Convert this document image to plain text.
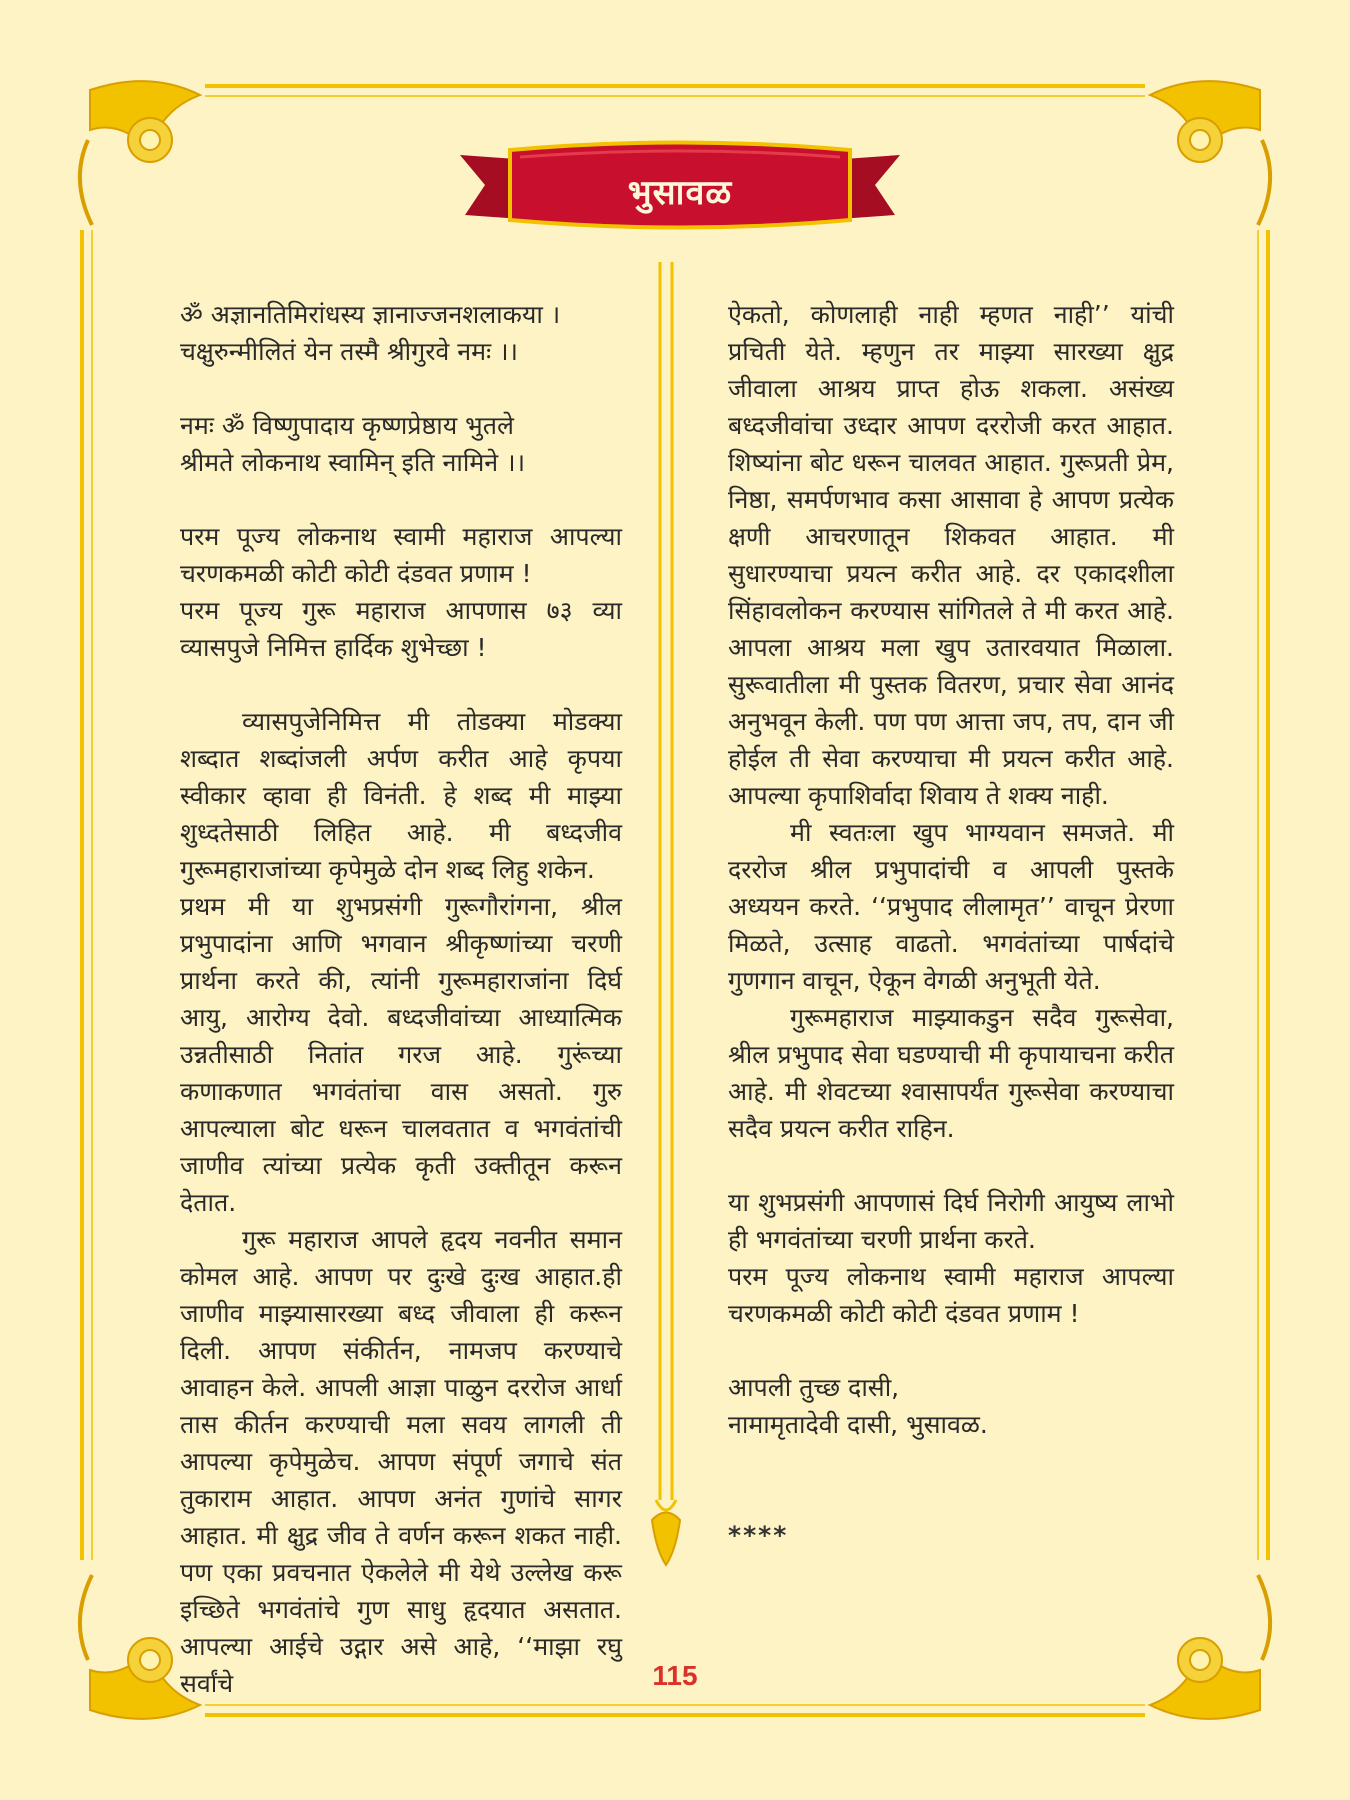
भुसावळ

ॐ अज्ञानतिमिरांधस्य ज्ञानाज्जनशलाकया ।

चक्षुरुन्मीलितं येन तस्मै श्रीगुरवे नमः ।।

नमः ॐ विष्णुपादाय कृष्णप्रेष्ठाय भुतले

श्रीमते लोकनाथ स्वामिन् इति नामिने ।।

परम पूज्य लोकनाथ स्वामी महाराज आपल्या चरणकमळी कोटी कोटी दंडवत प्रणाम !

परम पूज्य गुरू महाराज आपणास ७३ व्या व्यासपुजे निमित्त हार्दिक शुभेच्छा !

व्यासपुजेनिमित्त मी तोडक्या मोडक्या शब्दात शब्दांजली अर्पण करीत आहे कृपया स्वीकार व्हावा ही विनंती. हे शब्द मी माझ्या शुध्दतेसाठी लिहित आहे. मी बध्दजीव गुरूमहाराजांच्या कृपेमुळे दोन शब्द लिहु शकेन.

प्रथम मी या शुभप्रसंगी गुरूगौरांगना, श्रील प्रभुपादांना आणि भगवान श्रीकृष्णांच्या चरणी प्रार्थना करते की, त्यांनी गुरूमहाराजांना दिर्घ आयु, आरोग्य देवो. बध्दजीवांच्या आध्यात्मिक उन्नतीसाठी नितांत गरज आहे. गुरूंच्या कणाकणात भगवंतांचा वास असतो. गुरु आपल्याला बोट धरून चालवतात व भगवंतांची जाणीव त्यांच्या प्रत्येक कृती उक्तीतून करून देतात.

गुरू महाराज आपले हृदय नवनीत समान कोमल आहे. आपण पर दुःखे दुःख आहात.ही जाणीव माझ्यासारख्या बध्द जीवाला ही करून दिली. आपण संकीर्तन, नामजप करण्याचे आवाहन केले. आपली आज्ञा पाळुन दररोज आर्धा तास कीर्तन करण्याची मला सवय लागली ती आपल्या कृपेमुळेच. आपण संपूर्ण जगाचे संत तुकाराम आहात. आपण अनंत गुणांचे सागर आहात. मी क्षुद्र जीव ते वर्णन करून शकत नाही. पण एका प्रवचनात ऐकलेले मी येथे उल्लेख करू इच्छिते भगवंतांचे गुण साधु हृदयात असतात. आपल्या आईचे उद्गार असे आहे, ‘‘माझा रघु सर्वांचे

ऐकतो, कोणलाही नाही म्हणत नाही’’ यांची प्रचिती येते. म्हणुन तर माझ्या सारख्या क्षुद्र जीवाला आश्रय प्राप्त होऊ शकला. असंख्य बध्दजीवांचा उध्दार आपण दररोजी करत आहात. शिष्यांना बोट धरून चालवत आहात. गुरूप्रती प्रेम, निष्ठा, समर्पणभाव कसा आसावा हे आपण प्रत्येक क्षणी आचरणातून शिकवत आहात. मी सुधारण्याचा प्रयत्न करीत आहे. दर एकादशीला सिंहावलोकन करण्यास सांगितले ते मी करत आहे. आपला आश्रय मला खुप उतारवयात मिळाला. सुरूवातीला मी पुस्तक वितरण, प्रचार सेवा आनंद अनुभवून केली. पण पण आत्ता जप, तप, दान जी होईल ती सेवा करण्याचा मी प्रयत्न करीत आहे. आपल्या कृपाशिर्वादा शिवाय ते शक्य नाही.

मी स्वतःला खुप भाग्यवान समजते. मी दररोज श्रील प्रभुपादांची व आपली पुस्तके अध्ययन करते. ‘‘प्रभुपाद लीलामृत’’ वाचून प्रेरणा मिळते, उत्साह वाढतो. भगवंतांच्या पार्षदांचे गुणगान वाचून, ऐकून वेगळी अनुभूती येते.

गुरूमहाराज माझ्याकडुन सदैव गुरूसेवा, श्रील प्रभुपाद सेवा घडण्याची मी कृपायाचना करीत आहे. मी शेवटच्या श्वासापर्यंत गुरूसेवा करण्याचा सदैव प्रयत्न करीत राहिन.

या शुभप्रसंगी आपणासं दिर्घ निरोगी आयुष्य लाभो ही भगवंतांच्या चरणी प्रार्थना करते.

परम पूज्य लोकनाथ स्वामी महाराज आपल्या चरणकमळी कोटी कोटी दंडवत प्रणाम !

आपली तुच्छ दासी,

नामामृतादेवी दासी, भुसावळ.

****

115
